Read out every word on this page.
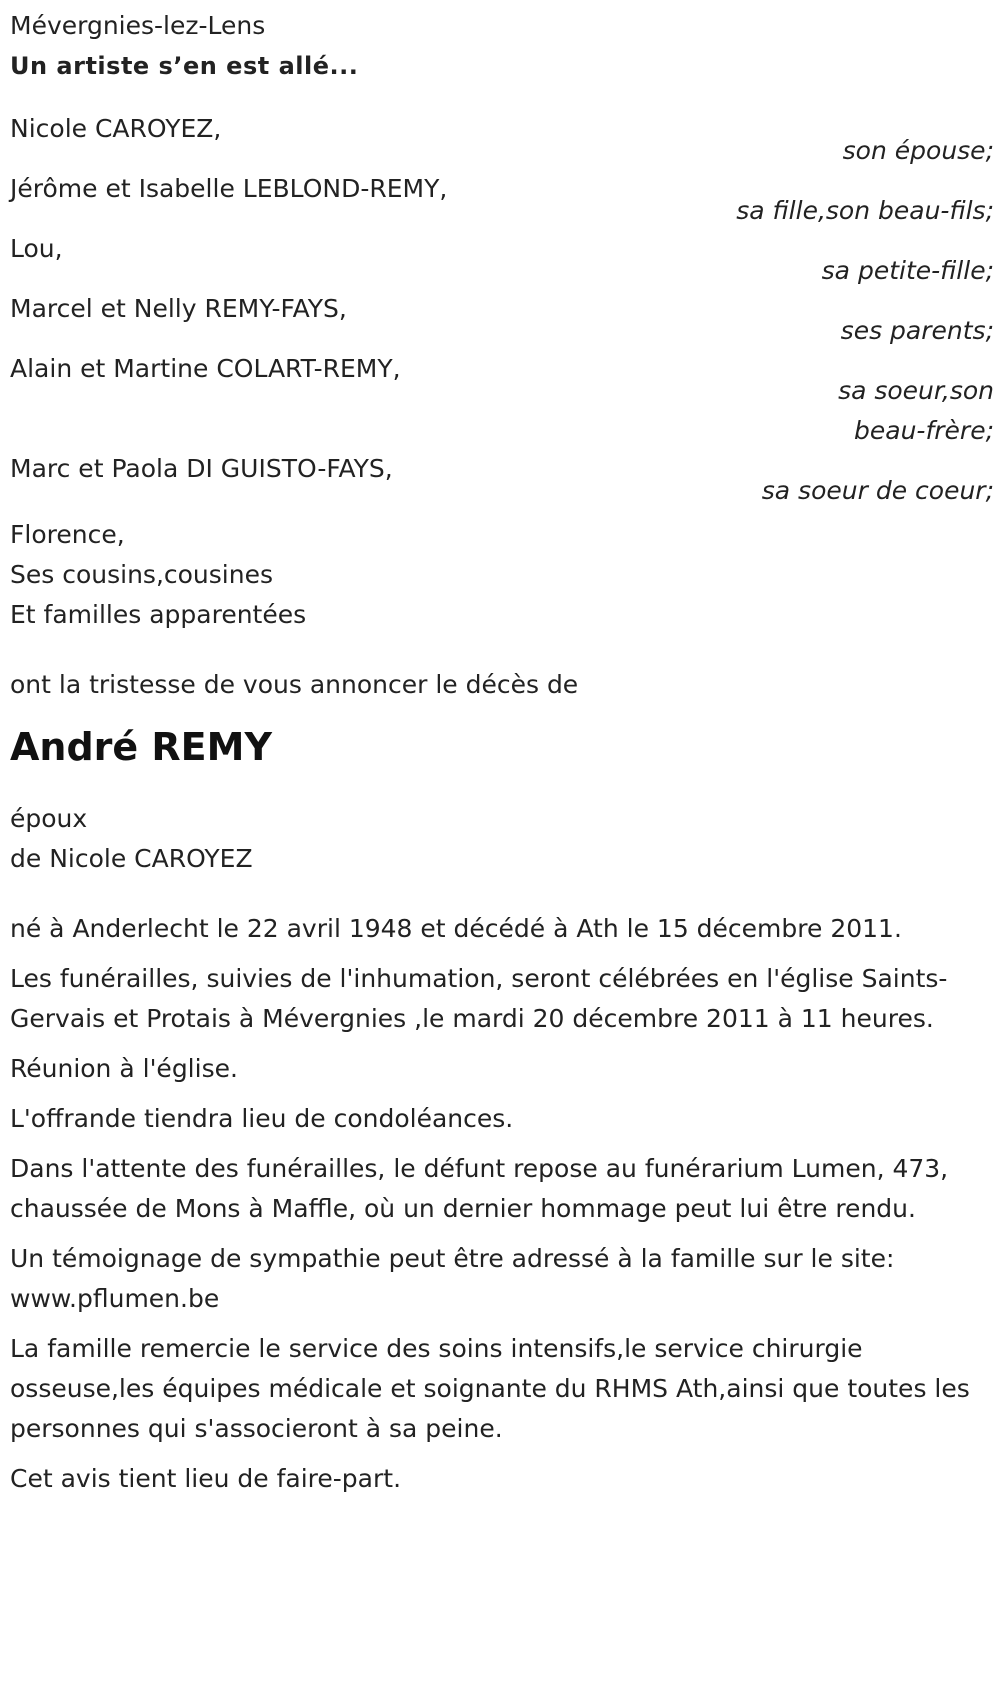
Mévergnies-lez-Lens
Un artiste s’en est allé...
Nicole CAROYEZ,
son épouse;
Jérôme et Isabelle LEBLOND-REMY,
sa fille,son beau-fils;
Lou,
sa petite-fille;
Marcel et Nelly REMY-FAYS,
ses parents;
Alain et Martine COLART-REMY,
sa soeur,son
beau-frère;
Marc et Paola DI GUISTO-FAYS,
sa soeur de coeur;
Florence,
Ses cousins,cousines
Et familles apparentées
ont la tristesse de vous annoncer le décès de
André REMY
époux
de Nicole CAROYEZ
né à Anderlecht le 22 avril 1948 et décédé à Ath le 15 décembre 2011.
Les funérailles, suivies de l'inhumation, seront célébrées en l'église Saints-Gervais et Protais à Mévergnies ,le mardi 20 décembre 2011 à 11 heures.
Réunion à l'église.
L'offrande tiendra lieu de condoléances.
Dans l'attente des funérailles, le défunt repose au funérarium Lumen, 473, chaussée de Mons à Maffle, où un dernier hommage peut lui être rendu.
Un témoignage de sympathie peut être adressé à la famille sur le site: www.pflumen.be
La famille remercie le service des soins intensifs,le service chirurgie osseuse,les équipes médicale et soignante du RHMS Ath,ainsi que toutes les personnes qui s'associeront à sa peine.
Cet avis tient lieu de faire-part.
